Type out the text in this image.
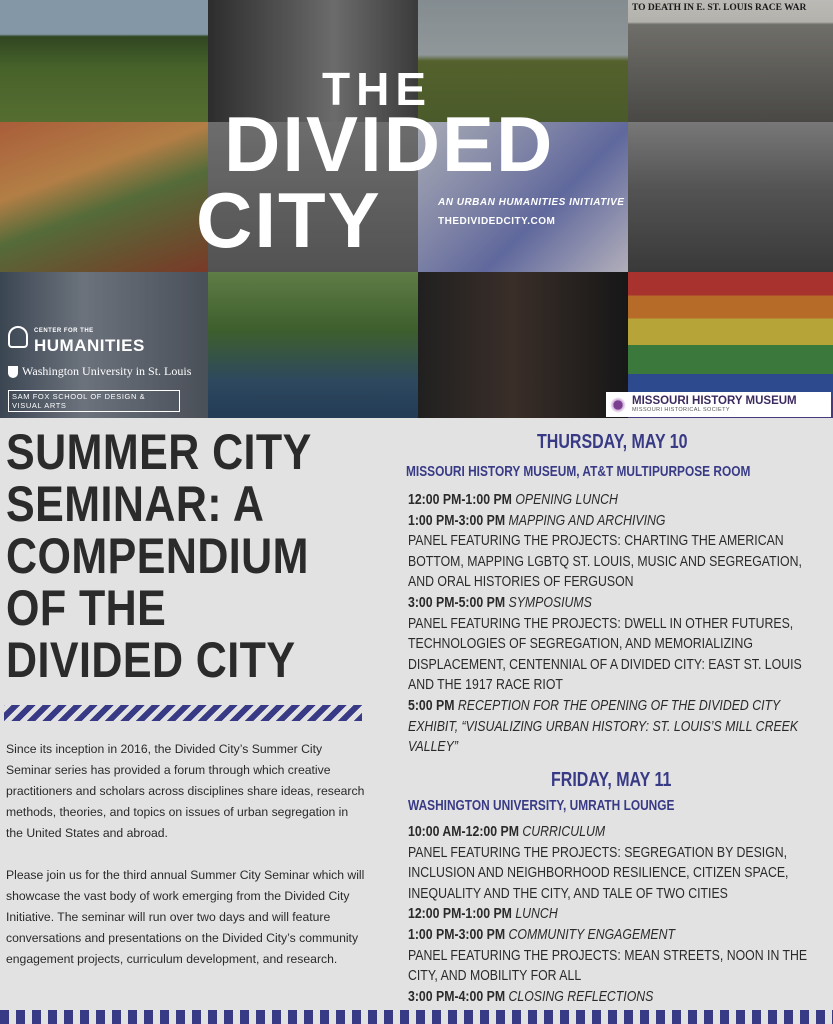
TO DEATH IN E. ST. LOUIS RACE WAR
THE
DIVIDED
CITY	AN URBAN HUMANITIES INITIATIVE
THEDIVIDEDCITY.COM
CENTER FOR THE
HUMANITIES
Washington University in St. Louis
SAM FOX SCHOOL OF DESIGN & VISUAL ARTS	MISSOURI HISTORY MUSEUM
MISSOURI HISTORICAL SOCIETY
SUMMER CITY SEMINAR: A COMPENDIUM OF THE DIVIDED CITY

Since its inception in 2016, the Divided City’s Summer City Seminar series has provided a forum through which creative practitioners and scholars across disciplines share ideas, research methods, theories, and topics on issues of urban segregation in the United States and abroad.

Please join us for the third annual Summer City Seminar which will showcase the vast body of work emerging from the Divided City Initiative. The seminar will run over two days and will feature conversations and presentations on the Divided City’s community engagement projects, curriculum development, and research.

THURSDAY, MAY 10
MISSOURI HISTORY MUSEUM, AT&T MULTIPURPOSE ROOM
12:00 PM-1:00 PM OPENING LUNCH
1:00 PM-3:00 PM MAPPING AND ARCHIVING
PANEL FEATURING THE PROJECTS: CHARTING THE AMERICAN BOTTOM, MAPPING LGBTQ ST. LOUIS, MUSIC AND SEGREGATION, AND ORAL HISTORIES OF FERGUSON
3:00 PM-5:00 PM SYMPOSIUMS
PANEL FEATURING THE PROJECTS: DWELL IN OTHER FUTURES, TECHNOLOGIES OF SEGREGATION, AND MEMORIALIZING DISPLACEMENT, CENTENNIAL OF A DIVIDED CITY: EAST ST. LOUIS AND THE 1917 RACE RIOT
5:00 PM RECEPTION FOR THE OPENING OF THE DIVIDED CITY EXHIBIT, “VISUALIZING URBAN HISTORY: ST. LOUIS’S MILL CREEK VALLEY”
FRIDAY, MAY 11
WASHINGTON UNIVERSITY, UMRATH LOUNGE
10:00 AM-12:00 PM CURRICULUM
PANEL FEATURING THE PROJECTS: SEGREGATION BY DESIGN, INCLUSION AND NEIGHBORHOOD RESILIENCE, CITIZEN SPACE, INEQUALITY AND THE CITY, AND TALE OF TWO CITIES
12:00 PM-1:00 PM LUNCH
1:00 PM-3:00 PM COMMUNITY ENGAGEMENT
PANEL FEATURING THE PROJECTS: MEAN STREETS, NOON IN THE CITY, AND MOBILITY FOR ALL
3:00 PM-4:00 PM CLOSING REFLECTIONS
